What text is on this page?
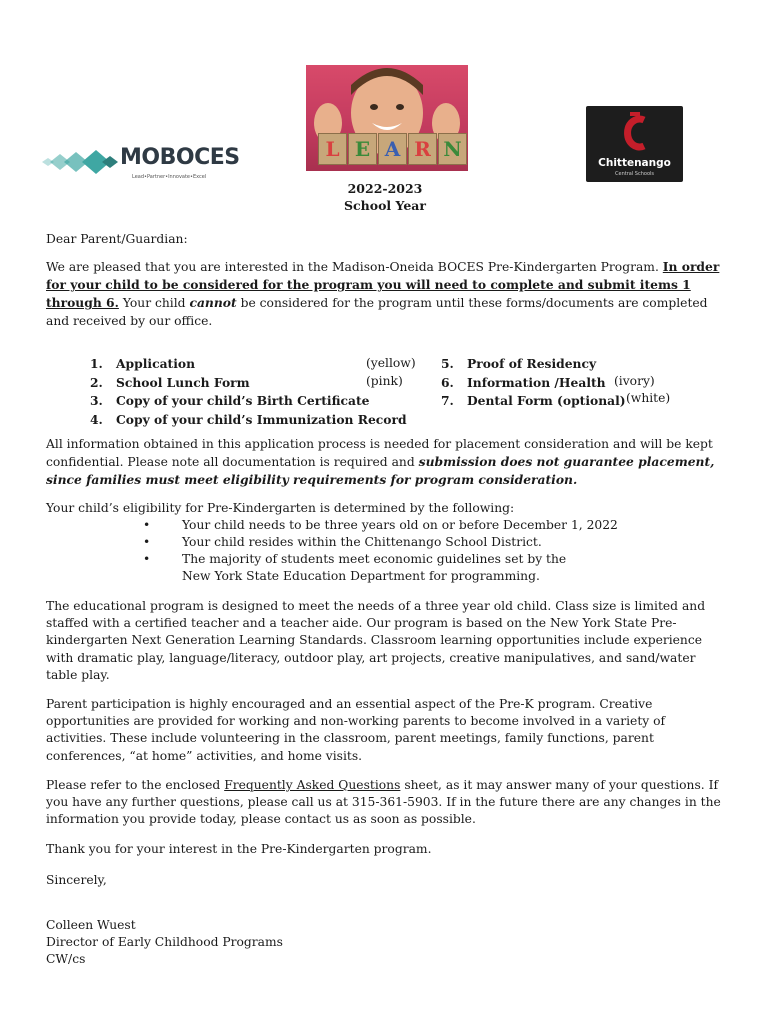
MOBOCES
Lead•Partner•Innovate•Excel
L E A R N
Chittenango
Central Schools
2022-2023
School Year
Dear Parent/Guardian:
We are pleased that you are interested in the Madison-Oneida BOCES Pre-Kindergarten Program. In order for your child to be considered for the program you will need to complete and submit items 1 through 6. Your child cannot be considered for the program until these forms/documents are completed and received by our office.
1. Application
2. School Lunch Form
3. Copy of your child’s Birth Certificate
4. Copy of your child’s Immunization Record
(yellow)
(pink)
5. Proof of Residency
6. Information /Health
7. Dental Form (optional)
(ivory)
(white)
All information obtained in this application process is needed for placement consideration and will be kept confidential. Please note all documentation is required and submission does not guarantee placement, since families must meet eligibility requirements for program consideration.
Your child’s eligibility for Pre-Kindergarten is determined by the following:
•
•
•
Your child needs to be three years old on or before December 1, 2022
Your child resides within the Chittenango School District.
The majority of students meet economic guidelines set by the
New York State Education Department for programming.
The educational program is designed to meet the needs of a three year old child. Class size is limited and staffed with a certified teacher and a teacher aide. Our program is based on the New York State Pre-kindergarten Next Generation Learning Standards. Classroom learning opportunities include experience with dramatic play, language/literacy, outdoor play, art projects, creative manipulatives, and sand/water table play.
Parent participation is highly encouraged and an essential aspect of the Pre-K program. Creative opportunities are provided for working and non-working parents to become involved in a variety of activities. These include volunteering in the classroom, parent meetings, family functions, parent conferences, “at home” activities, and home visits.
Please refer to the enclosed Frequently Asked Questions sheet, as it may answer many of your questions. If you have any further questions, please call us at 315-361-5903. If in the future there are any changes in the information you provide today, please contact us as soon as possible.
Thank you for your interest in the Pre-Kindergarten program.
Sincerely,
Colleen Wuest
Director of Early Childhood Programs
CW/cs
